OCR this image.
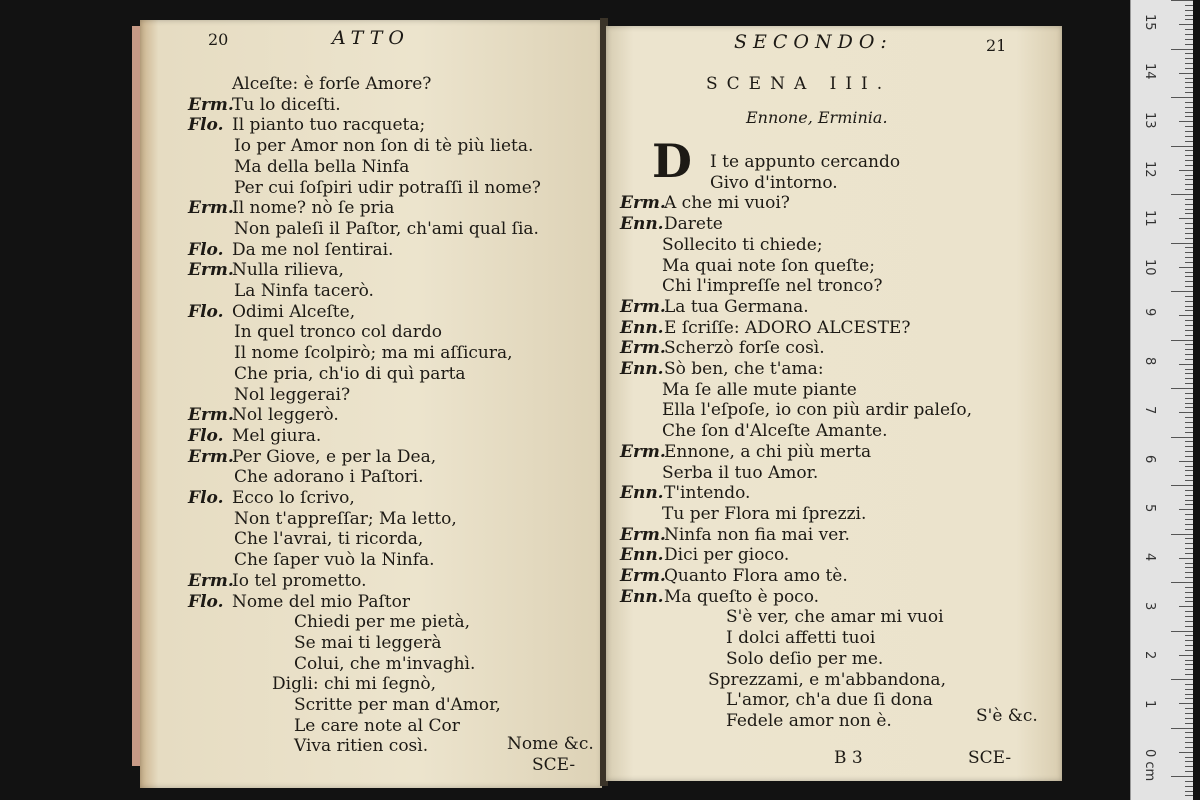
20	ATTO
Alceſte: è forſe Amore?
Erm.
Tu lo diceſti.
Flo. Il pianto tuo racqueta;
Io per Amor non ſon di tè più lieta.
Ma della bella Ninfa
Per cui ſoſpiri udir potraſſi il nome?
Erm.
Il nome? nò ſe pria
Non paleſi il Paſtor, ch'ami qual ſia.
Flo. Da me nol ſentirai.
Erm.
Nulla rilieva,
La Ninfa tacerò.
Flo. Odimi Alceſte,
In quel tronco col dardo
Il nome ſcolpirò; ma mi aſſicura,
Che pria, ch'io di quì parta
Nol leggerai?
Erm.
Nol leggerò.
Flo. Mel giura.
Erm.
Per Giove, e per la Dea,
Che adorano i Paſtori.
Flo. Ecco lo ſcrivo,
Non t'appreſſar; Ma letto,
Che l'avrai, ti ricorda,
Che ſaper vuò la Ninfa.
Erm.
Io tel prometto.
Flo. Nome del mio Paſtor
Chiedi per me pietà,
Se mai ti leggerà
Colui, che m'invaghì.
Digli: chi mi ſegnò,
Scritte per man d'Amor,
Le care note al Cor
Viva ritien così.	Nome &c.
SCE-
SECONDO:	21
SCENA III.
Ennone, Erminia.
D I te appunto cercando
Givo d'intorno.
Erm.
A che mi vuoi?
Enn. Darete
Sollecito ti chiede;
Ma quai note ſon queſte;
Chi l'impreſſe nel tronco?
Erm.
La tua Germana.
Enn. E ſcriſſe: ADORO ALCESTE?
Erm.
Scherzò forſe così.
Enn. Sò ben, che t'ama:
Ma ſe alle mute piante
Ella l'eſpoſe, io con più ardir paleſo,
Che ſon d'Alceſte Amante.
Erm.
Ennone, a chi più merta
Serba il tuo Amor.
Enn. T'intendo.
Tu per Flora mi ſprezzi.
Erm.
Ninfa non fia mai ver.
Enn. Dici per gioco.
Erm.
Quanto Flora amo tè.
Enn. Ma queſto è poco.
S'è ver, che amar mi vuoi
I dolci affetti tuoi
Solo deſio per me.
Sprezzami, e m'abbandona,
L'amor, ch'a due ſi dona
Fedele amor non è.	S'è &c.
B 3	SCE-
15
14
13
12
11
10
9
8
7
6
5
4
3
2
1
0 cm
